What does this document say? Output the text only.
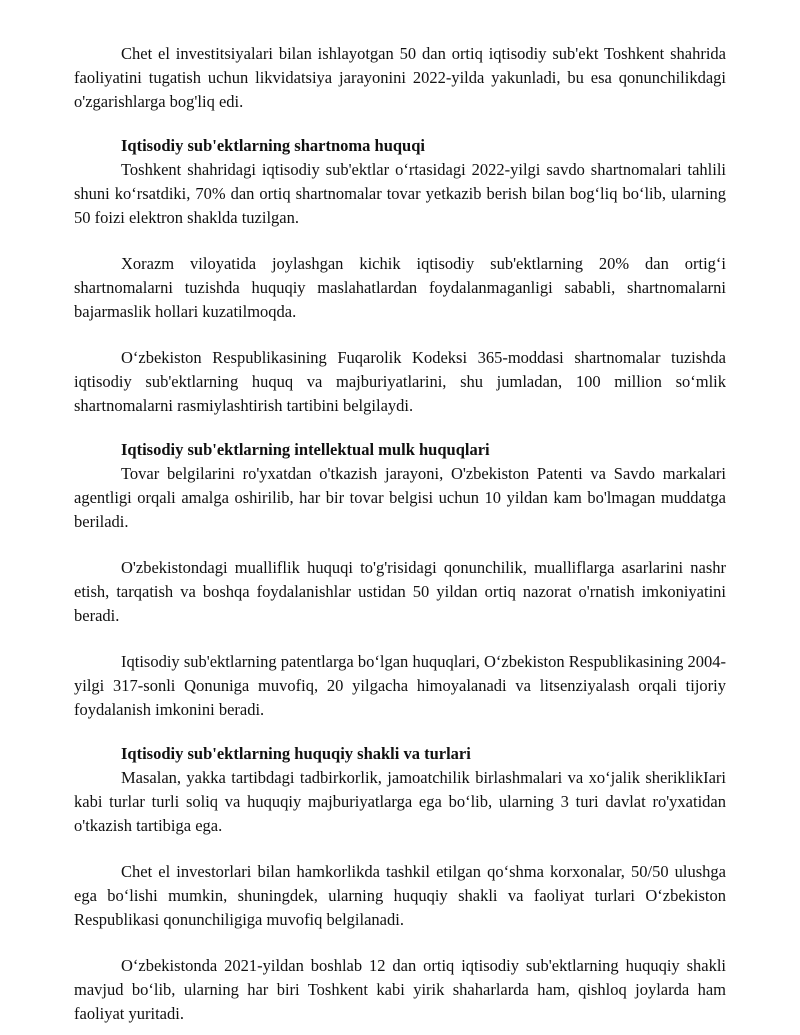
Chet el investitsiyalari bilan ishlayotgan 50 dan ortiq iqtisodiy sub'ekt Toshkent shahrida faoliyatini tugatish uchun likvidatsiya jarayonini 2022-yilda yakunladi, bu esa qonunchilikdagi o'zgarishlarga bog'liq edi.

Iqtisodiy sub'ektlarning shartnoma huquqi

Toshkent shahridagi iqtisodiy sub'ektlar o‘rtasidagi 2022-yilgi savdo shartnomalari tahlili shuni ko‘rsatdiki, 70% dan ortiq shartnomalar tovar yetkazib berish bilan bog‘liq bo‘lib, ularning 50 foizi elektron shaklda tuzilgan.

Xorazm viloyatida joylashgan kichik iqtisodiy sub'ektlarning 20% dan ortig‘i shartnomalarni tuzishda huquqiy maslahatlardan foydalanmaganligi sababli, shartnomalarni bajarmaslik hollari kuzatilmoqda.

O‘zbekiston Respublikasining Fuqarolik Kodeksi 365-moddasi shartnomalar tuzishda iqtisodiy sub'ektlarning huquq va majburiyatlarini, shu jumladan, 100 million so‘mlik shartnomalarni rasmiylashtirish tartibini belgilaydi.

Iqtisodiy sub'ektlarning intellektual mulk huquqlari

Tovar belgilarini ro'yxatdan o'tkazish jarayoni, O'zbekiston Patenti va Savdo markalari agentligi orqali amalga oshirilib, har bir tovar belgisi uchun 10 yildan kam bo'lmagan muddatga beriladi.

O'zbekistondagi mualliflik huquqi to'g'risidagi qonunchilik, mualliflarga asarlarini nashr etish, tarqatish va boshqa foydalanishlar ustidan 50 yildan ortiq nazorat o'rnatish imkoniyatini beradi.

Iqtisodiy sub'ektlarning patentlarga bo‘lgan huquqlari, O‘zbekiston Respublikasining 2004-yilgi 317-sonli Qonuniga muvofiq, 20 yilgacha himoyalanadi va litsenziyalash orqali tijoriy foydalanish imkonini beradi.

Iqtisodiy sub'ektlarning huquqiy shakli va turlari

Masalan, yakka tartibdagi tadbirkorlik, jamoatchilik birlashmalari va xo‘jalik sheriklikIari kabi turlar turli soliq va huquqiy majburiyatlarga ega bo‘lib, ularning 3 turi davlat ro'yxatidan o'tkazish tartibiga ega.

Chet el investorlari bilan hamkorlikda tashkil etilgan qo‘shma korxonalar, 50/50 ulushga ega bo‘lishi mumkin, shuningdek, ularning huquqiy shakli va faoliyat turlari O‘zbekiston Respublikasi qonunchiligiga muvofiq belgilanadi.

O‘zbekistonda 2021-yildan boshlab 12 dan ortiq iqtisodiy sub'ektlarning huquqiy shakli mavjud bo‘lib, ularning har biri Toshkent kabi yirik shaharlarda ham, qishloq joylarda ham faoliyat yuritadi.
